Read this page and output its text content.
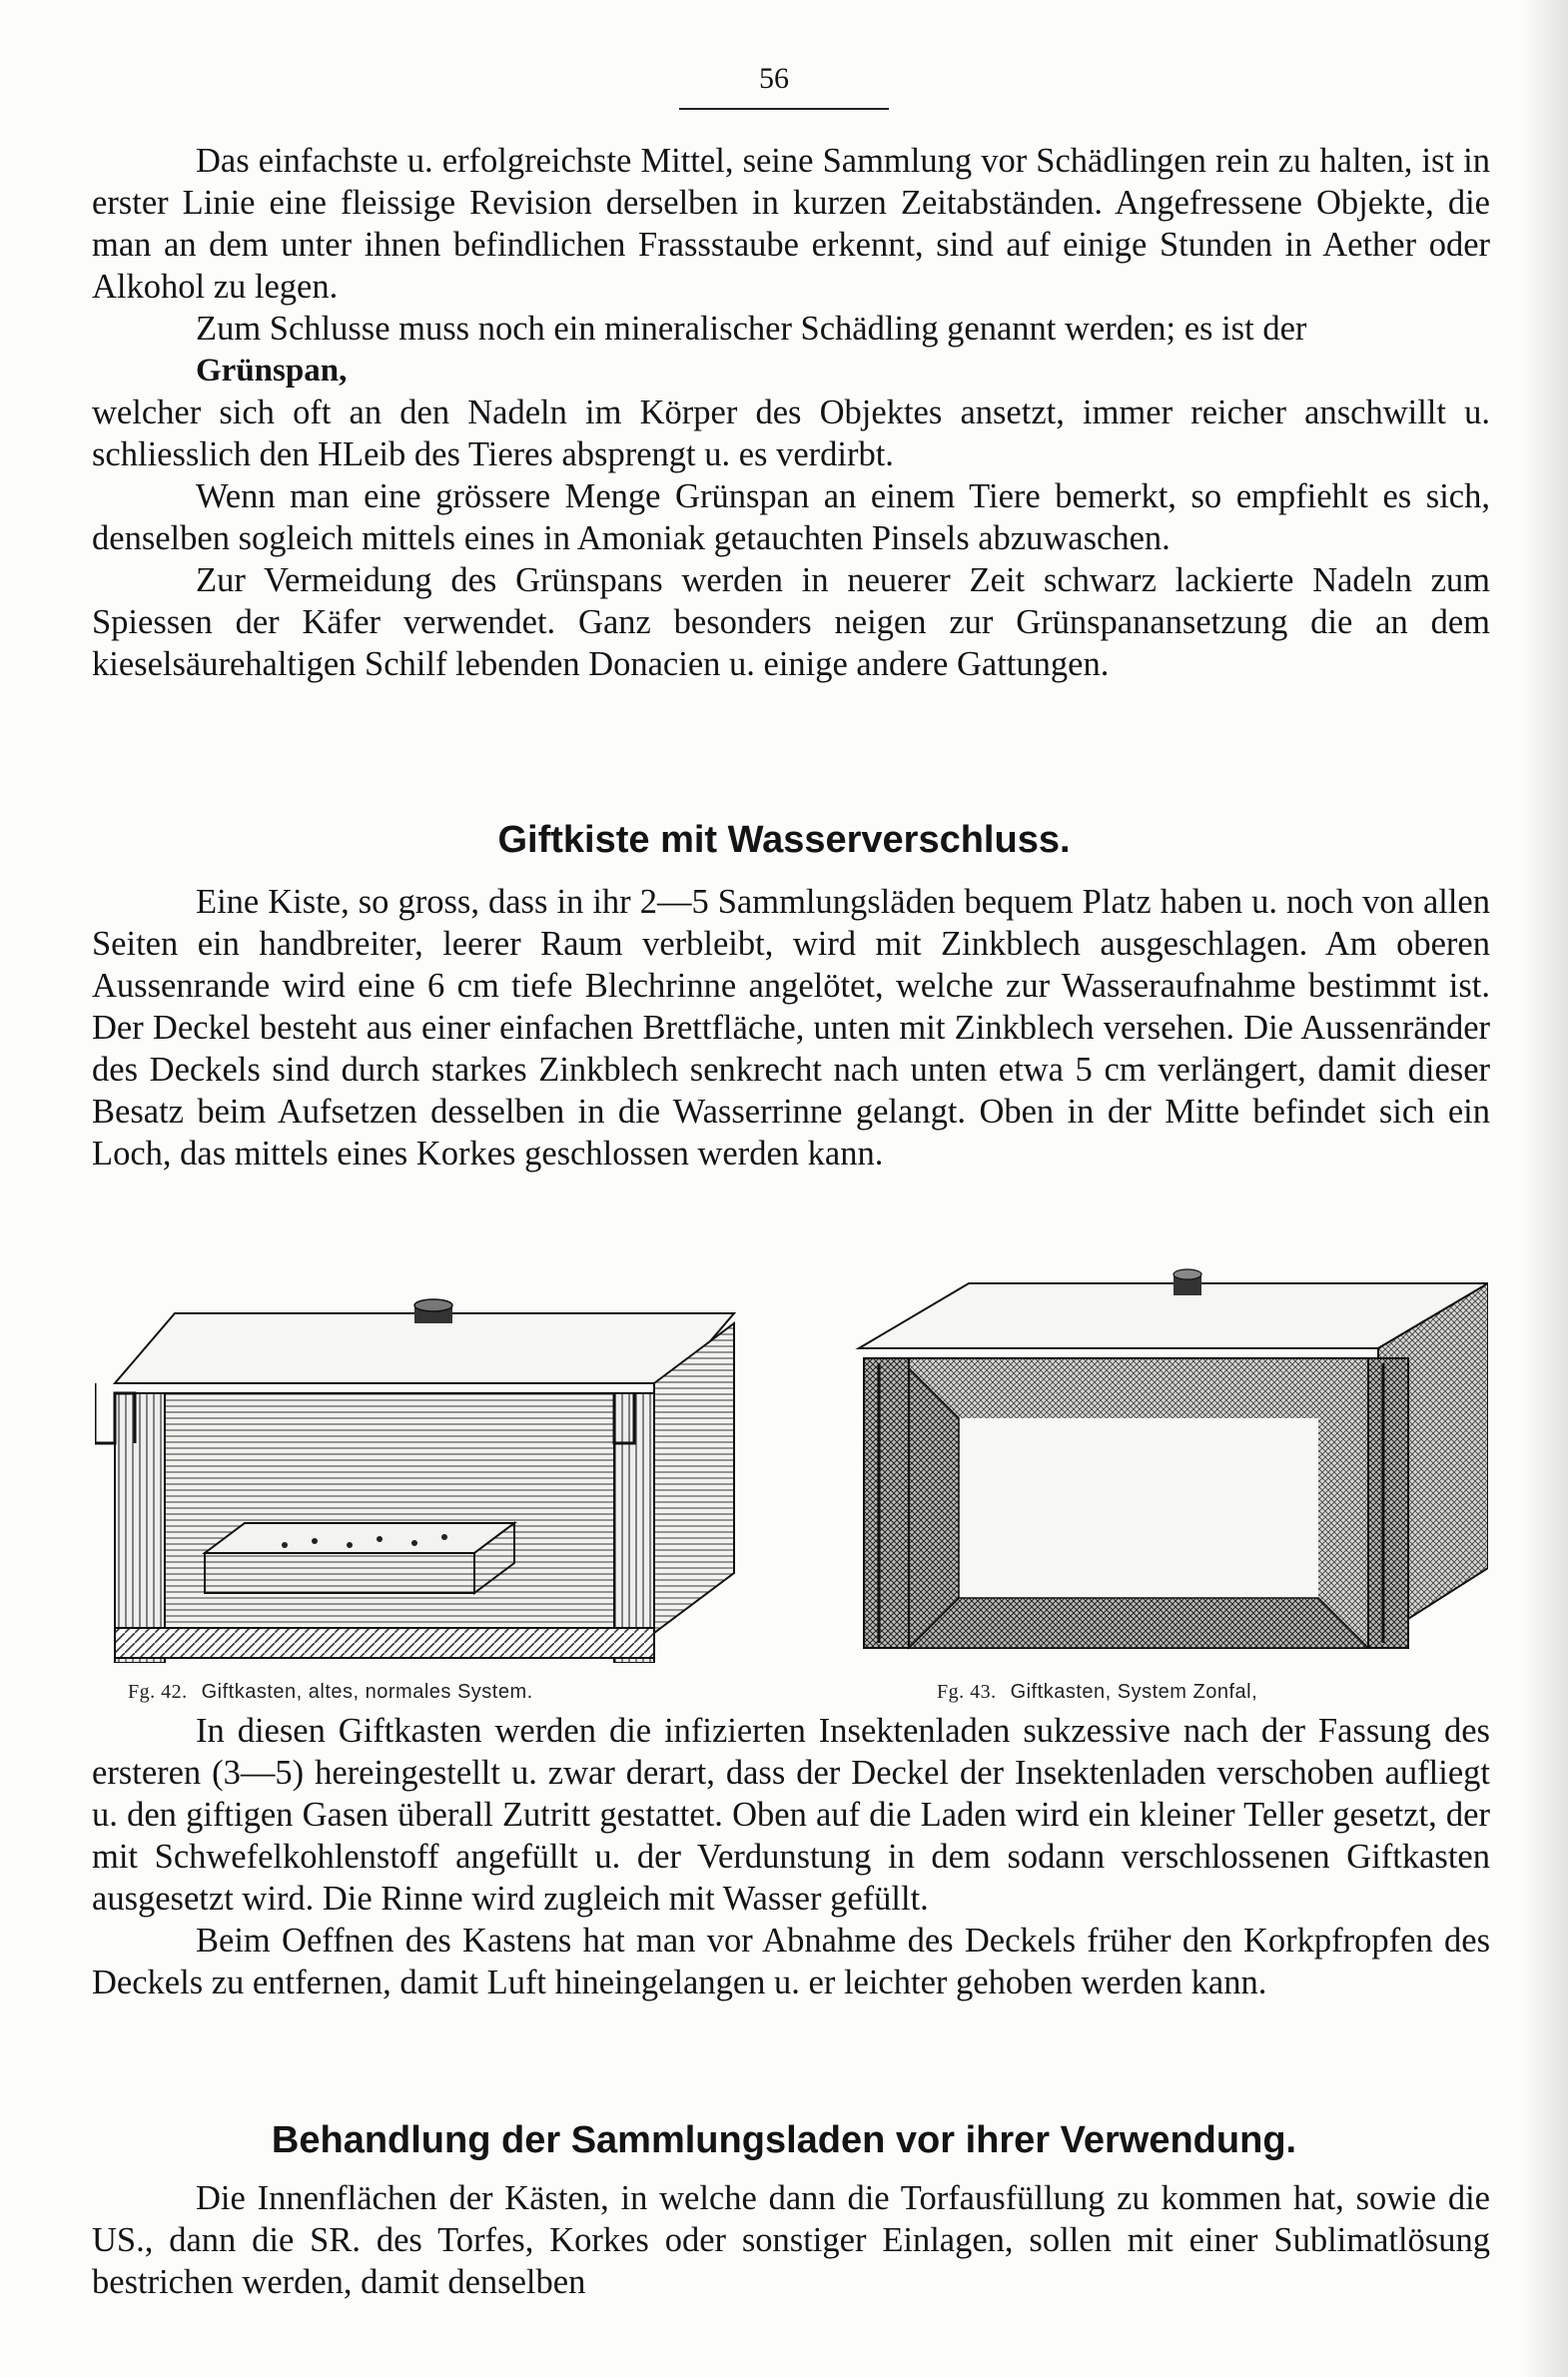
56

Das einfachste u. erfolgreichste Mittel, seine Sammlung vor Schädlingen rein zu halten, ist in erster Linie eine fleissige Revision derselben in kurzen Zeitabständen. Angefressene Objekte, die man an dem unter ihnen befindlichen Frassstaube erkennt, sind auf einige Stunden in Aether oder Alkohol zu legen.

Zum Schlusse muss noch ein mineralischer Schädling genannt werden; es ist der

Grünspan,

welcher sich oft an den Nadeln im Körper des Objektes ansetzt, immer reicher anschwillt u. schliesslich den HLeib des Tieres absprengt u. es verdirbt.

Wenn man eine grössere Menge Grünspan an einem Tiere bemerkt, so empfiehlt es sich, denselben sogleich mittels eines in Amoniak getauchten Pinsels abzuwaschen.

Zur Vermeidung des Grünspans werden in neuerer Zeit schwarz lackierte Nadeln zum Spiessen der Käfer verwendet. Ganz besonders neigen zur Grünspanansetzung die an dem kieselsäurehaltigen Schilf lebenden Donacien u. einige andere Gattungen.

Giftkiste mit Wasserverschluss.

Eine Kiste, so gross, dass in ihr 2—5 Sammlungsläden bequem Platz haben u. noch von allen Seiten ein handbreiter, leerer Raum verbleibt, wird mit Zinkblech ausgeschlagen. Am oberen Aussenrande wird eine 6 cm tiefe Blechrinne angelötet, welche zur Wasseraufnahme bestimmt ist. Der Deckel besteht aus einer einfachen Brettfläche, unten mit Zinkblech versehen. Die Aussenränder des Deckels sind durch starkes Zinkblech senkrecht nach unten etwa 5 cm verlängert, damit dieser Besatz beim Aufsetzen desselben in die Wasserrinne gelangt. Oben in der Mitte befindet sich ein Loch, das mittels eines Korkes geschlossen werden kann.

Fg. 42. Giftkasten, altes, normales System.	Fg. 43. Giftkasten, System Zonfal,

In diesen Giftkasten werden die infizierten Insektenladen sukzessive nach der Fassung des ersteren (3—5) hereingestellt u. zwar derart, dass der Deckel der Insektenladen verschoben aufliegt u. den giftigen Gasen überall Zutritt gestattet. Oben auf die Laden wird ein kleiner Teller gesetzt, der mit Schwefelkohlenstoff angefüllt u. der Verdunstung in dem sodann verschlossenen Giftkasten ausgesetzt wird. Die Rinne wird zugleich mit Wasser gefüllt.

Beim Oeffnen des Kastens hat man vor Abnahme des Deckels früher den Korkpfropfen des Deckels zu entfernen, damit Luft hineingelangen u. er leichter gehoben werden kann.

Behandlung der Sammlungsladen vor ihrer Verwendung.

Die Innenflächen der Kästen, in welche dann die Torfausfüllung zu kommen hat, sowie die US., dann die SR. des Torfes, Korkes oder sonstiger Einlagen, sollen mit einer Sublimatlösung bestrichen werden, damit denselben
